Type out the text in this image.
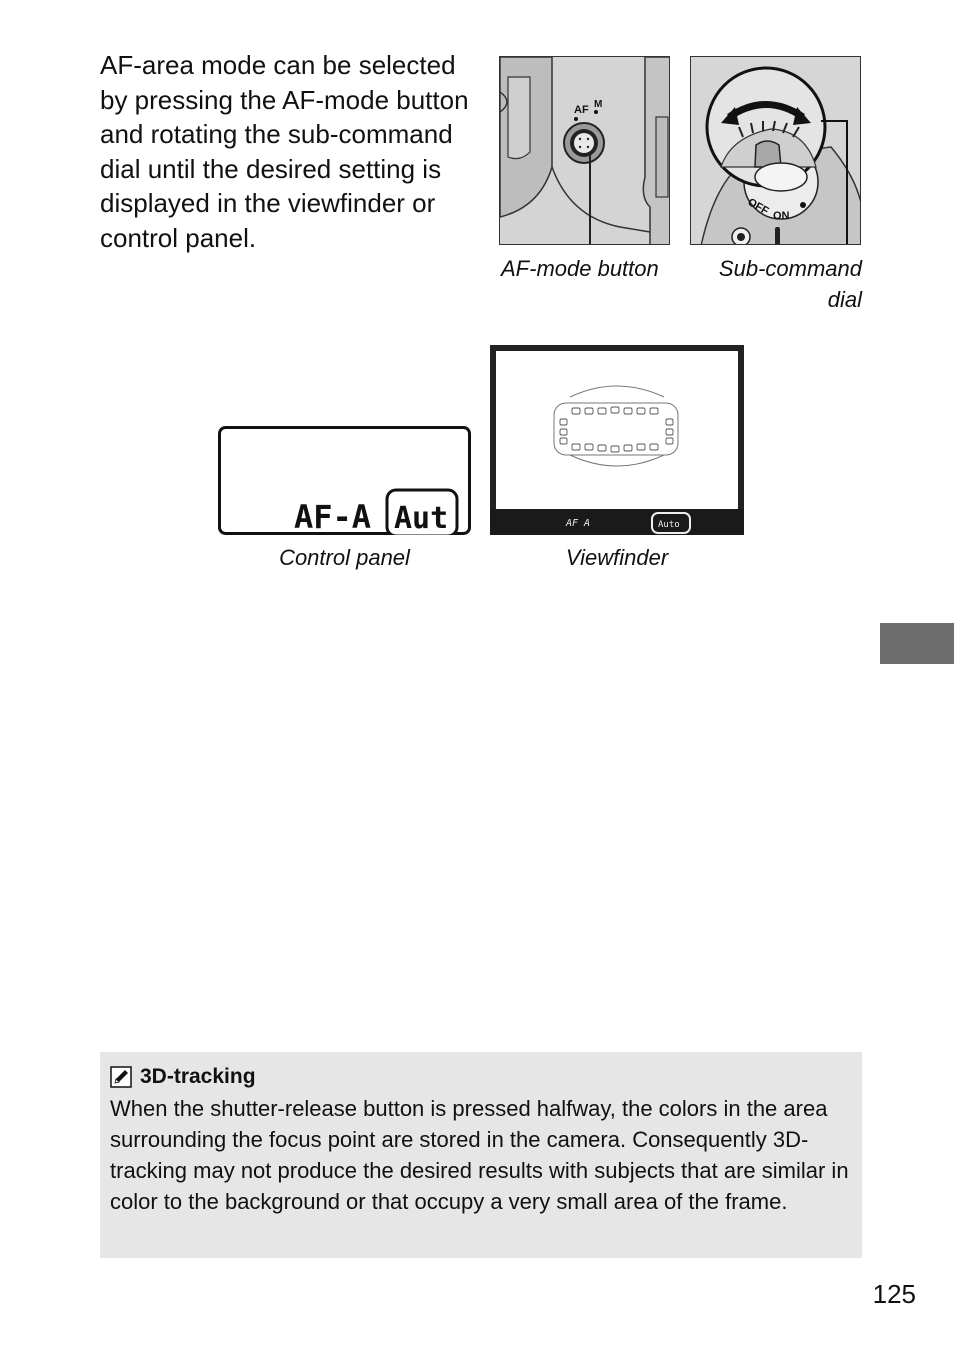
AF-area mode can be selected by pressing the AF-mode button and rotating the sub-command dial until the desired setting is displayed in the viewfinder or control panel.

AF M
OFF ON

AF-mode button	Sub-command
dial

AF-A Aut

Control panel

AF A	Auto

Viewfinder

3D-tracking

When the shutter-release button is pressed halfway, the colors in the area surrounding the focus point are stored in the camera. Consequently 3D-tracking may not produce the desired results with subjects that are similar in color to the background or that occupy a very small area of the frame.

125
